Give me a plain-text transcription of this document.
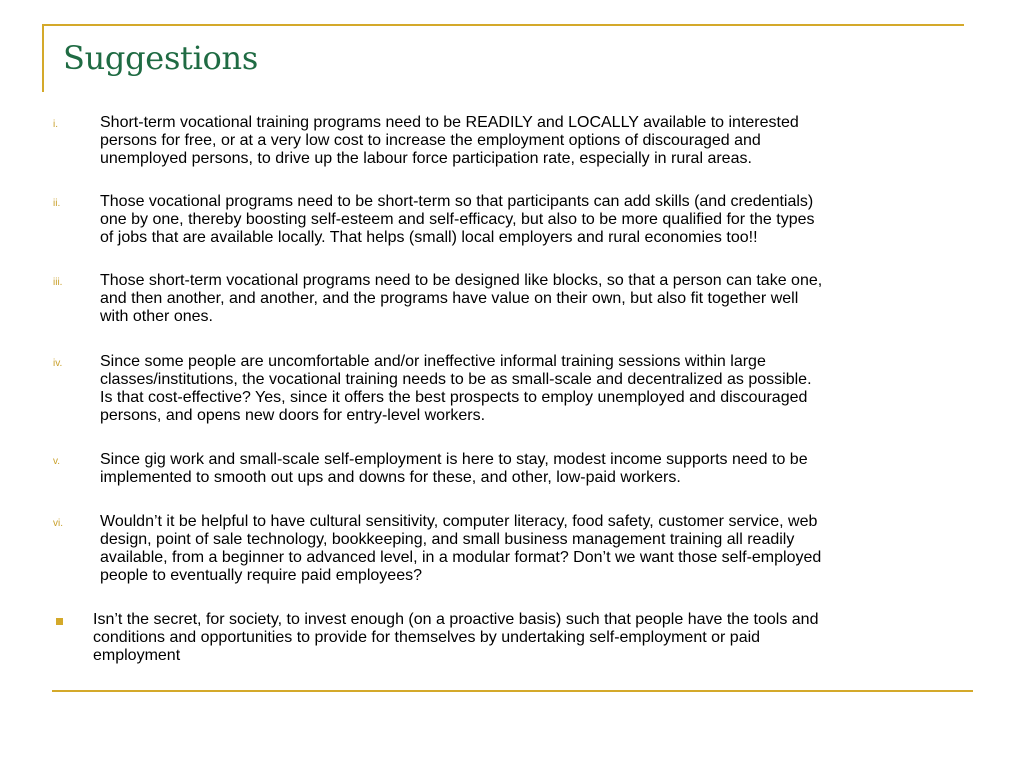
Suggestions
i.	Short-term vocational training programs need to be READILY and LOCALLY available to interested
persons for free, or at a very low cost to increase the employment options of discouraged and
unemployed persons, to drive up the labour force participation rate, especially in rural areas.
ii. Those vocational programs need to be short-term so that participants can add skills (and credentials)
one by one, thereby boosting self-esteem and self-efficacy, but also to be more qualified for the types
of jobs that are available locally. That helps (small) local employers and rural economies too!!
iii. Those short-term vocational programs need to be designed like blocks, so that a person can take one,
and then another, and another, and the programs have value on their own, but also fit together well
with other ones.
iv. Since some people are uncomfortable and/or ineffective informal training sessions within large
classes/institutions, the vocational training needs to be as small-scale and decentralized as possible.
Is that cost-effective? Yes, since it offers the best prospects to employ unemployed and discouraged
persons, and opens new doors for entry-level workers.
v. Since gig work and small-scale self-employment is here to stay, modest income supports need to be
implemented to smooth out ups and downs for these, and other, low-paid workers.
vi. Wouldn’t it be helpful to have cultural sensitivity, computer literacy, food safety, customer service, web
design, point of sale technology, bookkeeping, and small business management training all readily
available, from a beginner to advanced level, in a modular format? Don’t we want those self-employed
people to eventually require paid employees?
Isn’t the secret, for society, to invest enough (on a proactive basis) such that people have the tools and
conditions and opportunities to provide for themselves by undertaking self-employment or paid
employment
